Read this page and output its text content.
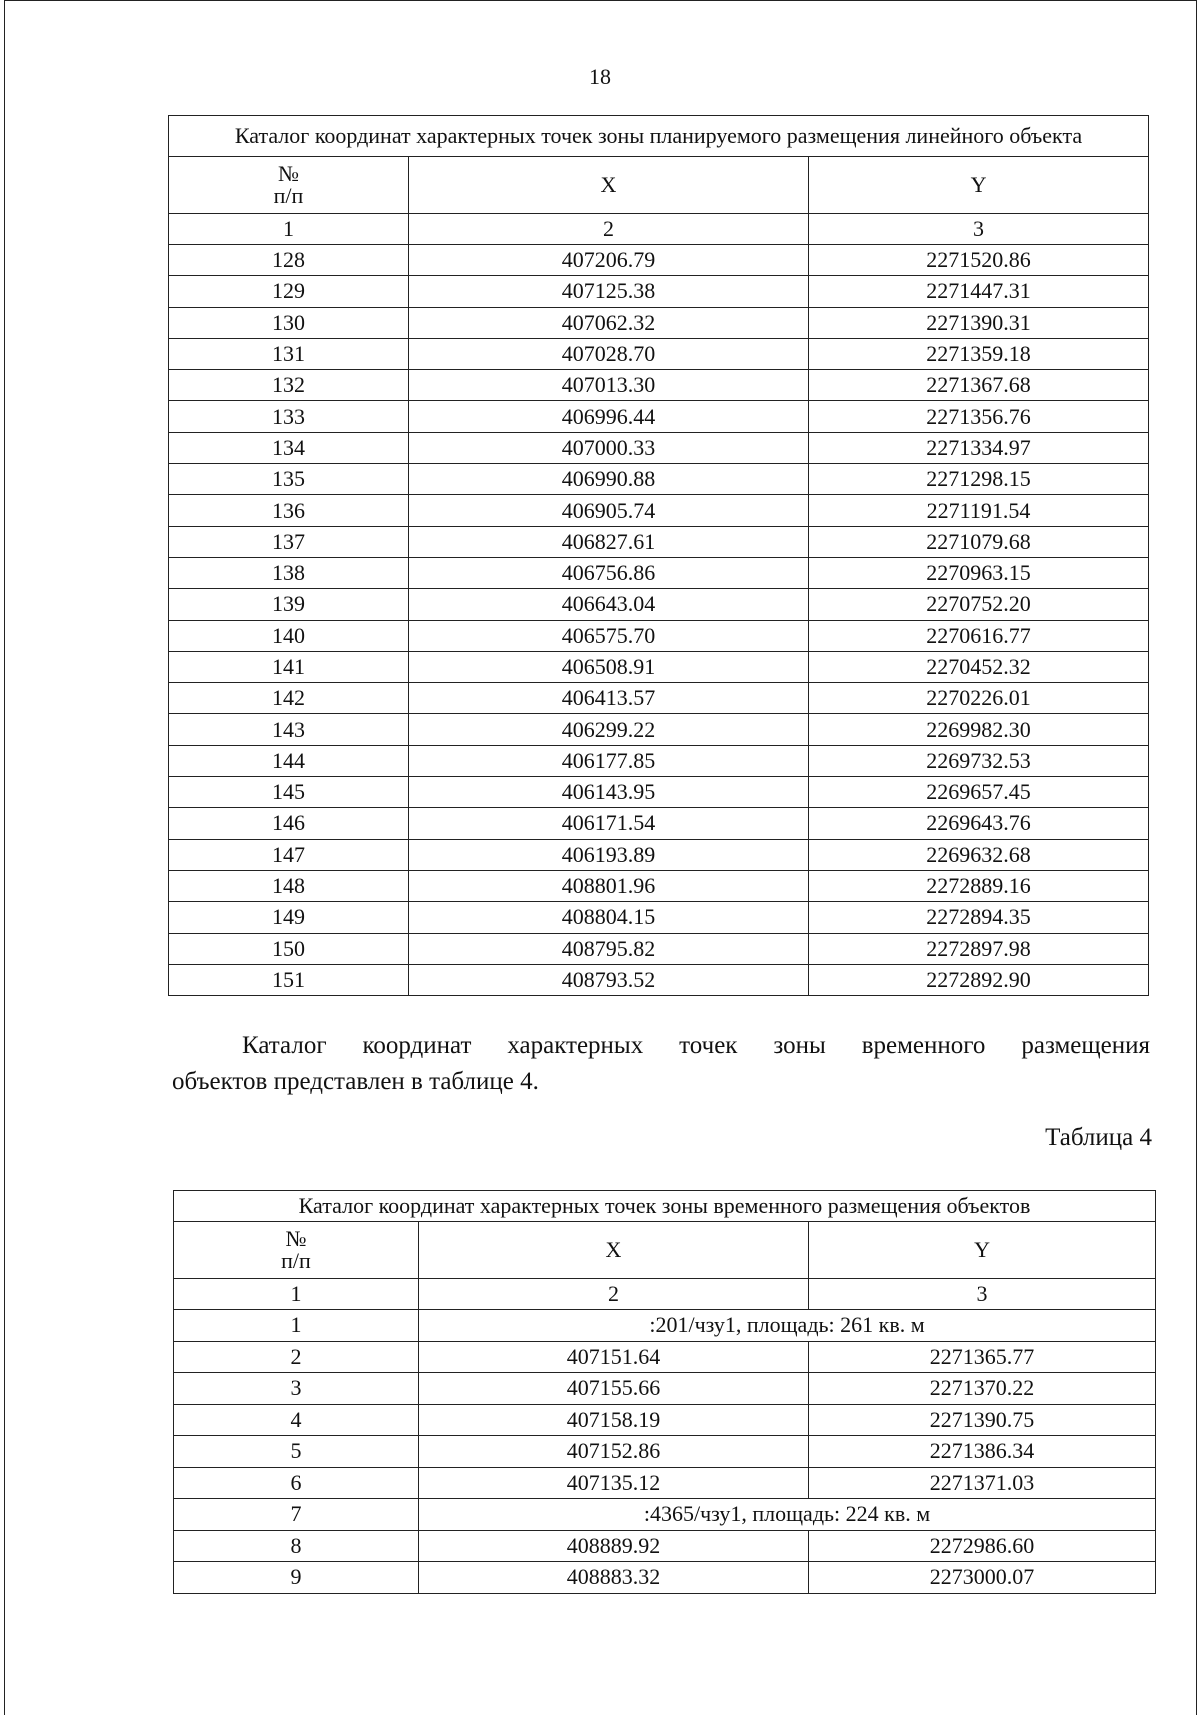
18
Каталог координат характерных точек зоны планируемого размещения линейного объекта		
№
п/п	X	Y
1	2	3
128	407206.79	2271520.86
129	407125.38	2271447.31
130	407062.32	2271390.31
131	407028.70	2271359.18
132	407013.30	2271367.68
133	406996.44	2271356.76
134	407000.33	2271334.97
135	406990.88	2271298.15
136	406905.74	2271191.54
137	406827.61	2271079.68
138	406756.86	2270963.15
139	406643.04	2270752.20
140	406575.70	2270616.77
141	406508.91	2270452.32
142	406413.57	2270226.01
143	406299.22	2269982.30
144	406177.85	2269732.53
145	406143.95	2269657.45
146	406171.54	2269643.76
147	406193.89	2269632.68
148	408801.96	2272889.16
149	408804.15	2272894.35
150	408795.82	2272897.98
151	408793.52	2272892.90
Каталог координат характерных точек зоны временного размещения
объектов представлен в таблице 4.
Таблица 4
Каталог координат характерных точек зоны временного размещения объектов		
№
п/п	X	Y
1	2	3
1	:201/чзу1, площадь: 261 кв. м	
2	407151.64	2271365.77
3	407155.66	2271370.22
4	407158.19	2271390.75
5	407152.86	2271386.34
6	407135.12	2271371.03
7	:4365/чзу1, площадь: 224 кв. м	
8	408889.92	2272986.60
9	408883.32	2273000.07
